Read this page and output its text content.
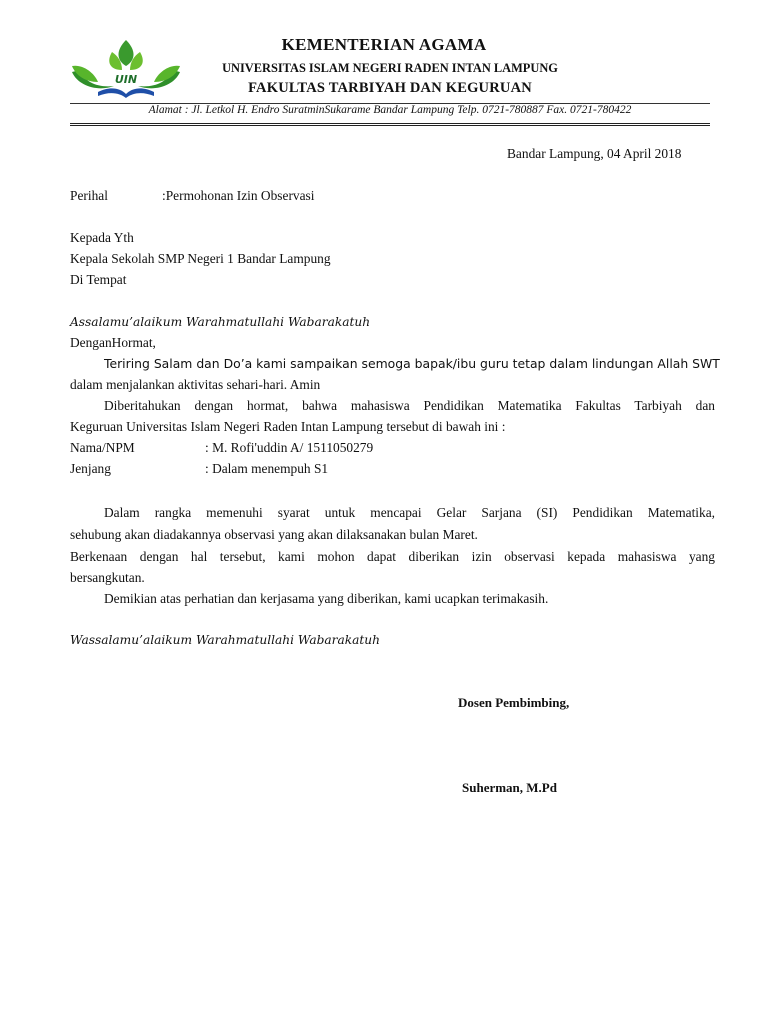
UIN
KEMENTERIAN AGAMA
UNIVERSITAS ISLAM NEGERI RADEN INTAN LAMPUNG
FAKULTAS TARBIYAH DAN KEGURUAN
Alamat : Jl. Letkol H. Endro SuratminSukarame Bandar Lampung Telp. 0721-780887 Fax. 0721-780422
Bandar Lampung, 04 April 2018
Perihal	:Permohonan Izin Observasi
Kepada Yth
Kepala Sekolah SMP Negeri 1 Bandar Lampung
Di Tempat
Assalamu’alaikum Warahmatullahi Wabarakatuh
DenganHormat,
Teriring Salam dan Do’a kami sampaikan semoga bapak/ibu guru tetap dalam lindungan Allah SWT
dalam menjalankan aktivitas sehari-hari. Amin
Diberitahukan dengan hormat, bahwa mahasiswa Pendidikan Matematika Fakultas Tarbiyah dan
Keguruan Universitas Islam Negeri Raden Intan Lampung tersebut di bawah ini :
Nama/NPM	: M. Rofi'uddin A/ 1511050279
Jenjang	: Dalam menempuh S1
Dalam rangka memenuhi syarat untuk mencapai Gelar Sarjana (SI) Pendidikan Matematika,
sehubung akan diadakannya observasi yang akan dilaksanakan bulan Maret.
Berkenaan dengan hal tersebut, kami mohon dapat diberikan izin observasi kepada mahasiswa yang
bersangkutan.
Demikian atas perhatian dan kerjasama yang diberikan, kami ucapkan terimakasih.
Wassalamu’alaikum Warahmatullahi Wabarakatuh
Dosen Pembimbing,
Suherman, M.Pd
